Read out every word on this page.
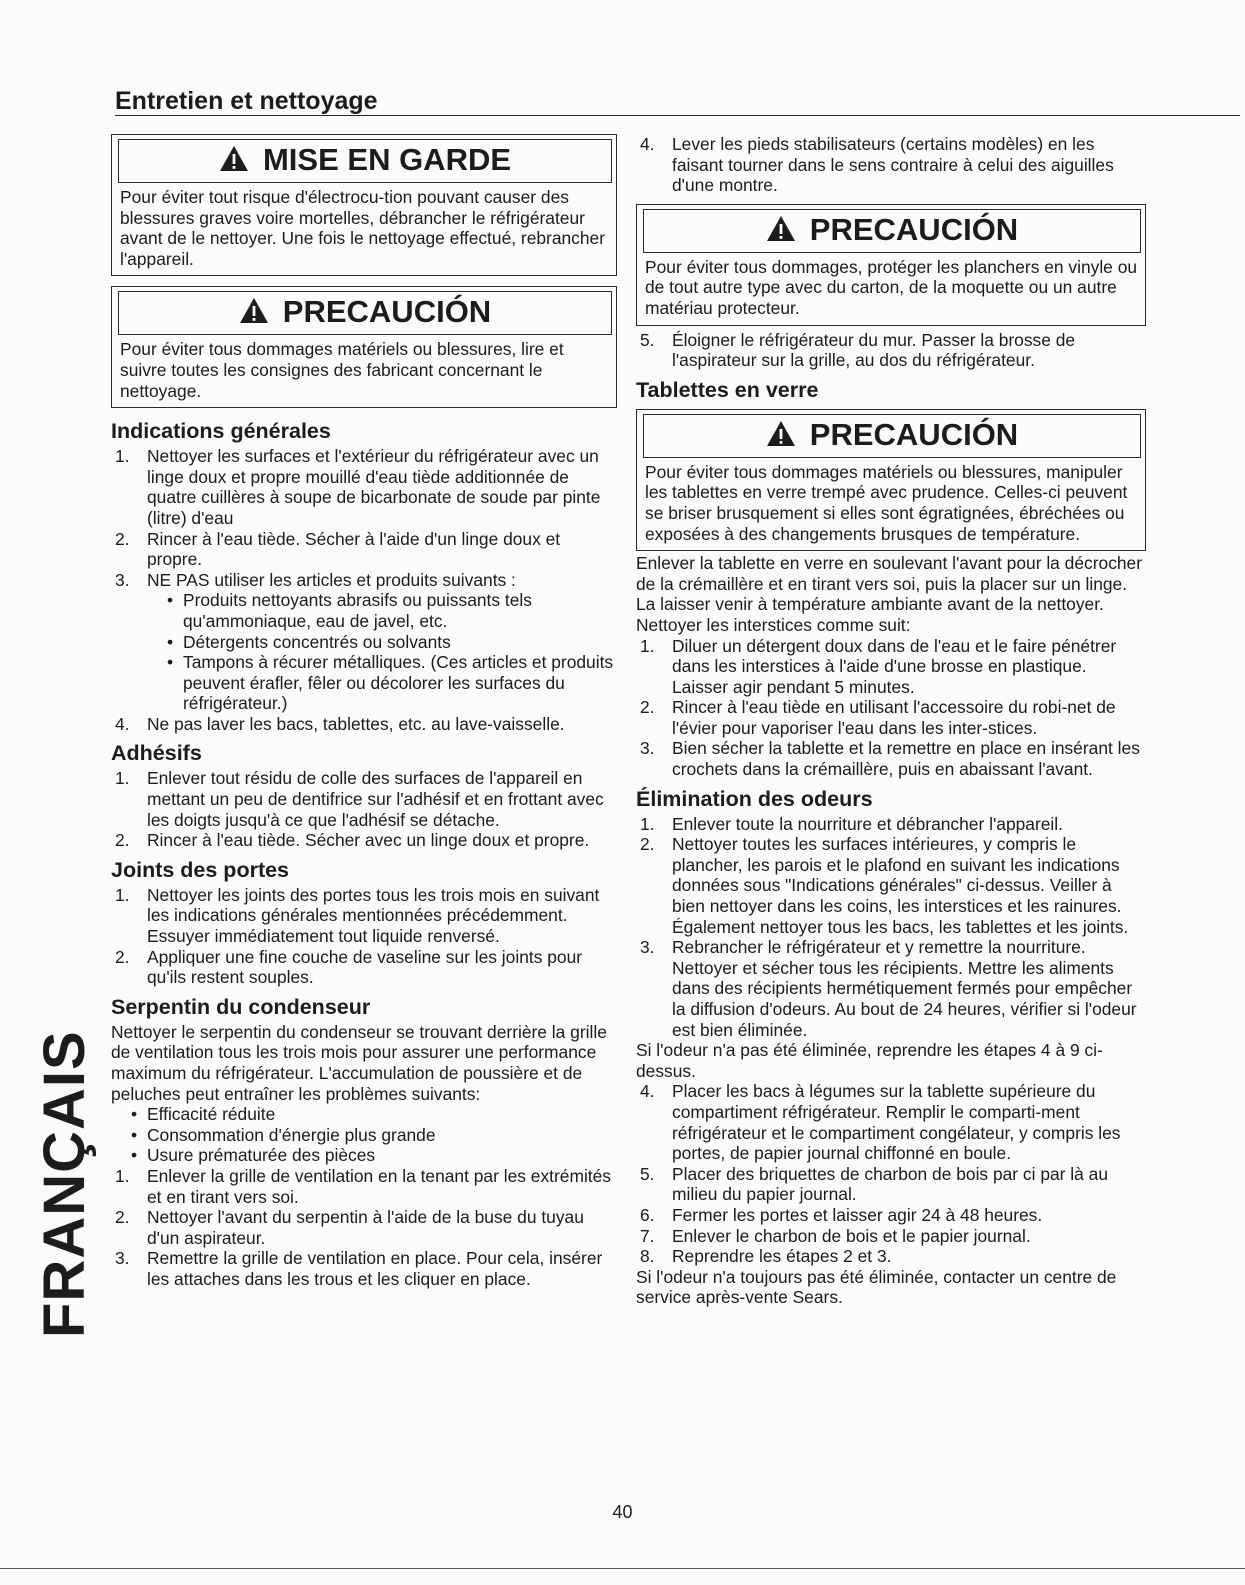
Entretien et nettoyage
MISE EN GARDE

Pour éviter tout risque d'électrocu-tion pouvant causer des blessures graves voire mortelles, débrancher le réfrigérateur avant de le nettoyer. Une fois le nettoyage effectué, rebrancher l'appareil.

PRECAUCIÓN

Pour éviter tous dommages matériels ou blessures, lire et suivre toutes les consignes des fabricant concernant le nettoyage.

Indications générales
1. Nettoyer les surfaces et l'extérieur du réfrigérateur avec un linge doux et propre mouillé d'eau tiède additionnée de quatre cuillères à soupe de bicarbonate de soude par pinte (litre) d'eau
2. Rincer à l'eau tiède. Sécher à l'aide d'un linge doux et propre.
3. NE PAS utiliser les articles et produits suivants :
• Produits nettoyants abrasifs ou puissants tels qu'ammoniaque, eau de javel, etc.
• Détergents concentrés ou solvants
• Tampons à récurer métalliques. (Ces articles et produits peuvent érafler, fêler ou décolorer les surfaces du réfrigérateur.)
4. Ne pas laver les bacs, tablettes, etc. au lave-vaisselle.
Adhésifs
1. Enlever tout résidu de colle des surfaces de l'appareil en mettant un peu de dentifrice sur l'adhésif et en frottant avec les doigts jusqu'à ce que l'adhésif se détache.
2. Rincer à l'eau tiède. Sécher avec un linge doux et propre.
Joints des portes
1. Nettoyer les joints des portes tous les trois mois en suivant les indications générales mentionnées précédemment. Essuyer immédiatement tout liquide renversé.
2. Appliquer une fine couche de vaseline sur les joints pour qu'ils restent souples.
Serpentin du condenseur

Nettoyer le serpentin du condenseur se trouvant derrière la grille de ventilation tous les trois mois pour assurer une performance maximum du réfrigérateur. L'accumulation de poussière et de peluches peut entraîner les problèmes suivants:

• Efficacité réduite
• Consommation d'énergie plus grande
• Usure prématurée des pièces
1. Enlever la grille de ventilation en la tenant par les extrémités et en tirant vers soi.
2. Nettoyer l'avant du serpentin à l'aide de la buse du tuyau d'un aspirateur.
3. Remettre la grille de ventilation en place. Pour cela, insérer les attaches dans les trous et les cliquer en place.
4. Lever les pieds stabilisateurs (certains modèles) en les faisant tourner dans le sens contraire à celui des aiguilles d'une montre.
PRECAUCIÓN

Pour éviter tous dommages, protéger les planchers en vinyle ou de tout autre type avec du carton, de la moquette ou un autre matériau protecteur.

5. Éloigner le réfrigérateur du mur. Passer la brosse de l'aspirateur sur la grille, au dos du réfrigérateur.
Tablettes en verre
PRECAUCIÓN

Pour éviter tous dommages matériels ou blessures, manipuler les tablettes en verre trempé avec prudence. Celles-ci peuvent se briser brusquement si elles sont égratignées, ébréchées ou exposées à des changements brusques de température.

Enlever la tablette en verre en soulevant l'avant pour la décrocher de la crémaillère et en tirant vers soi, puis la placer sur un linge. La laisser venir à température ambiante avant de la nettoyer.

Nettoyer les interstices comme suit:

1. Diluer un détergent doux dans de l'eau et le faire pénétrer dans les interstices à l'aide d'une brosse en plastique. Laisser agir pendant 5 minutes.
2. Rincer à l'eau tiède en utilisant l'accessoire du robi-net de l'évier pour vaporiser l'eau dans les inter-stices.
3. Bien sécher la tablette et la remettre en place en insérant les crochets dans la crémaillère, puis en abaissant l'avant.
Élimination des odeurs
1. Enlever toute la nourriture et débrancher l'appareil.
2. Nettoyer toutes les surfaces intérieures, y compris le plancher, les parois et le plafond en suivant les indications données sous "Indications générales" ci-dessus. Veiller à bien nettoyer dans les coins, les interstices et les rainures. Également nettoyer tous les bacs, les tablettes et les joints.
3. Rebrancher le réfrigérateur et y remettre la nourriture. Nettoyer et sécher tous les récipients. Mettre les aliments dans des récipients hermétiquement fermés pour empêcher la diffusion d'odeurs. Au bout de 24 heures, vérifier si l'odeur est bien éliminée.

Si l'odeur n'a pas été éliminée, reprendre les étapes 4 à 9 ci-dessus.

4. Placer les bacs à légumes sur la tablette supérieure du compartiment réfrigérateur. Remplir le comparti-ment réfrigérateur et le compartiment congélateur, y compris les portes, de papier journal chiffonné en boule.
5. Placer des briquettes de charbon de bois par ci par là au milieu du papier journal.
6. Fermer les portes et laisser agir 24 à 48 heures.
7. Enlever le charbon de bois et le papier journal.
8. Reprendre les étapes 2 et 3.

Si l'odeur n'a toujours pas été éliminée, contacter un centre de service après-vente Sears.

FRANÇAIS
40
